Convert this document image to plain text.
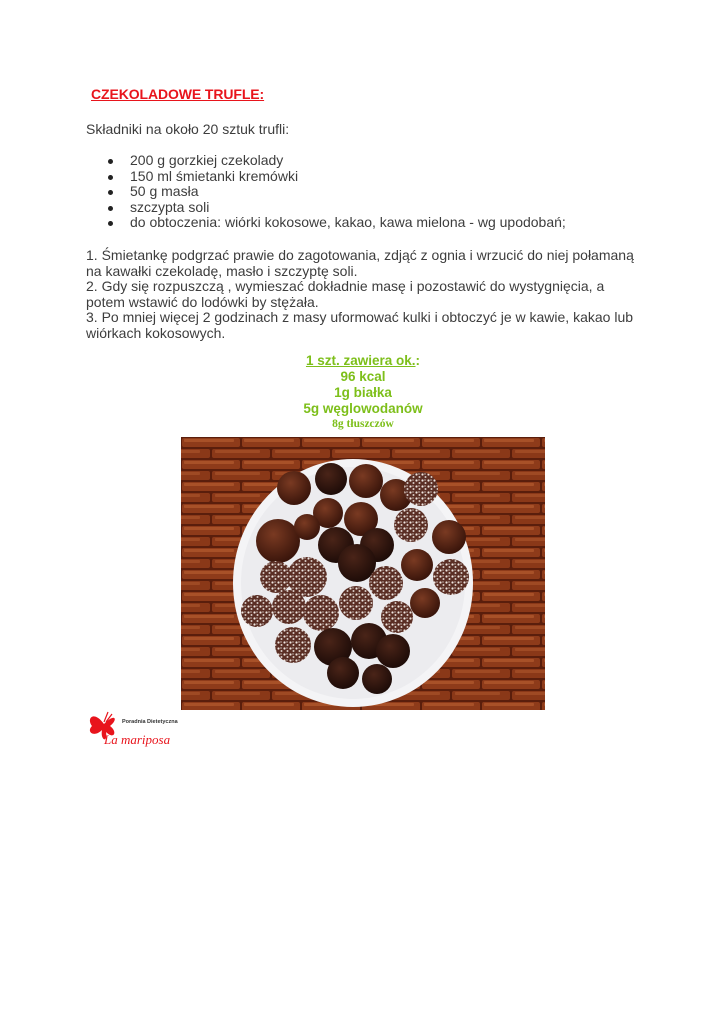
CZEKOLADOWE TRUFLE:
Składniki na około 20 sztuk trufli:
200 g gorzkiej czekolady
150 ml śmietanki kremówki
50 g masła
szczypta soli
do obtoczenia: wiórki kokosowe, kakao, kawa mielona - wg upodobań;

1. Śmietankę podgrzać prawie do zagotowania, zdjąć z ognia i wrzucić do niej połamaną na kawałki czekoladę, masło i szczyptę soli.

2. Gdy się rozpuszczą , wymieszać dokładnie masę i pozostawić do wystygnięcia, a potem wstawić do lodówki by stężała.

3. Po mniej więcej 2 godzinach z masy uformować kulki i obtoczyć je w kawie, kakao lub wiórkach kokosowych.

1 szt. zawiera ok.:
96 kcal
1g białka
5g węglowodanów
8g tłuszczów
Poradnia Dietetyczna
La mariposa
